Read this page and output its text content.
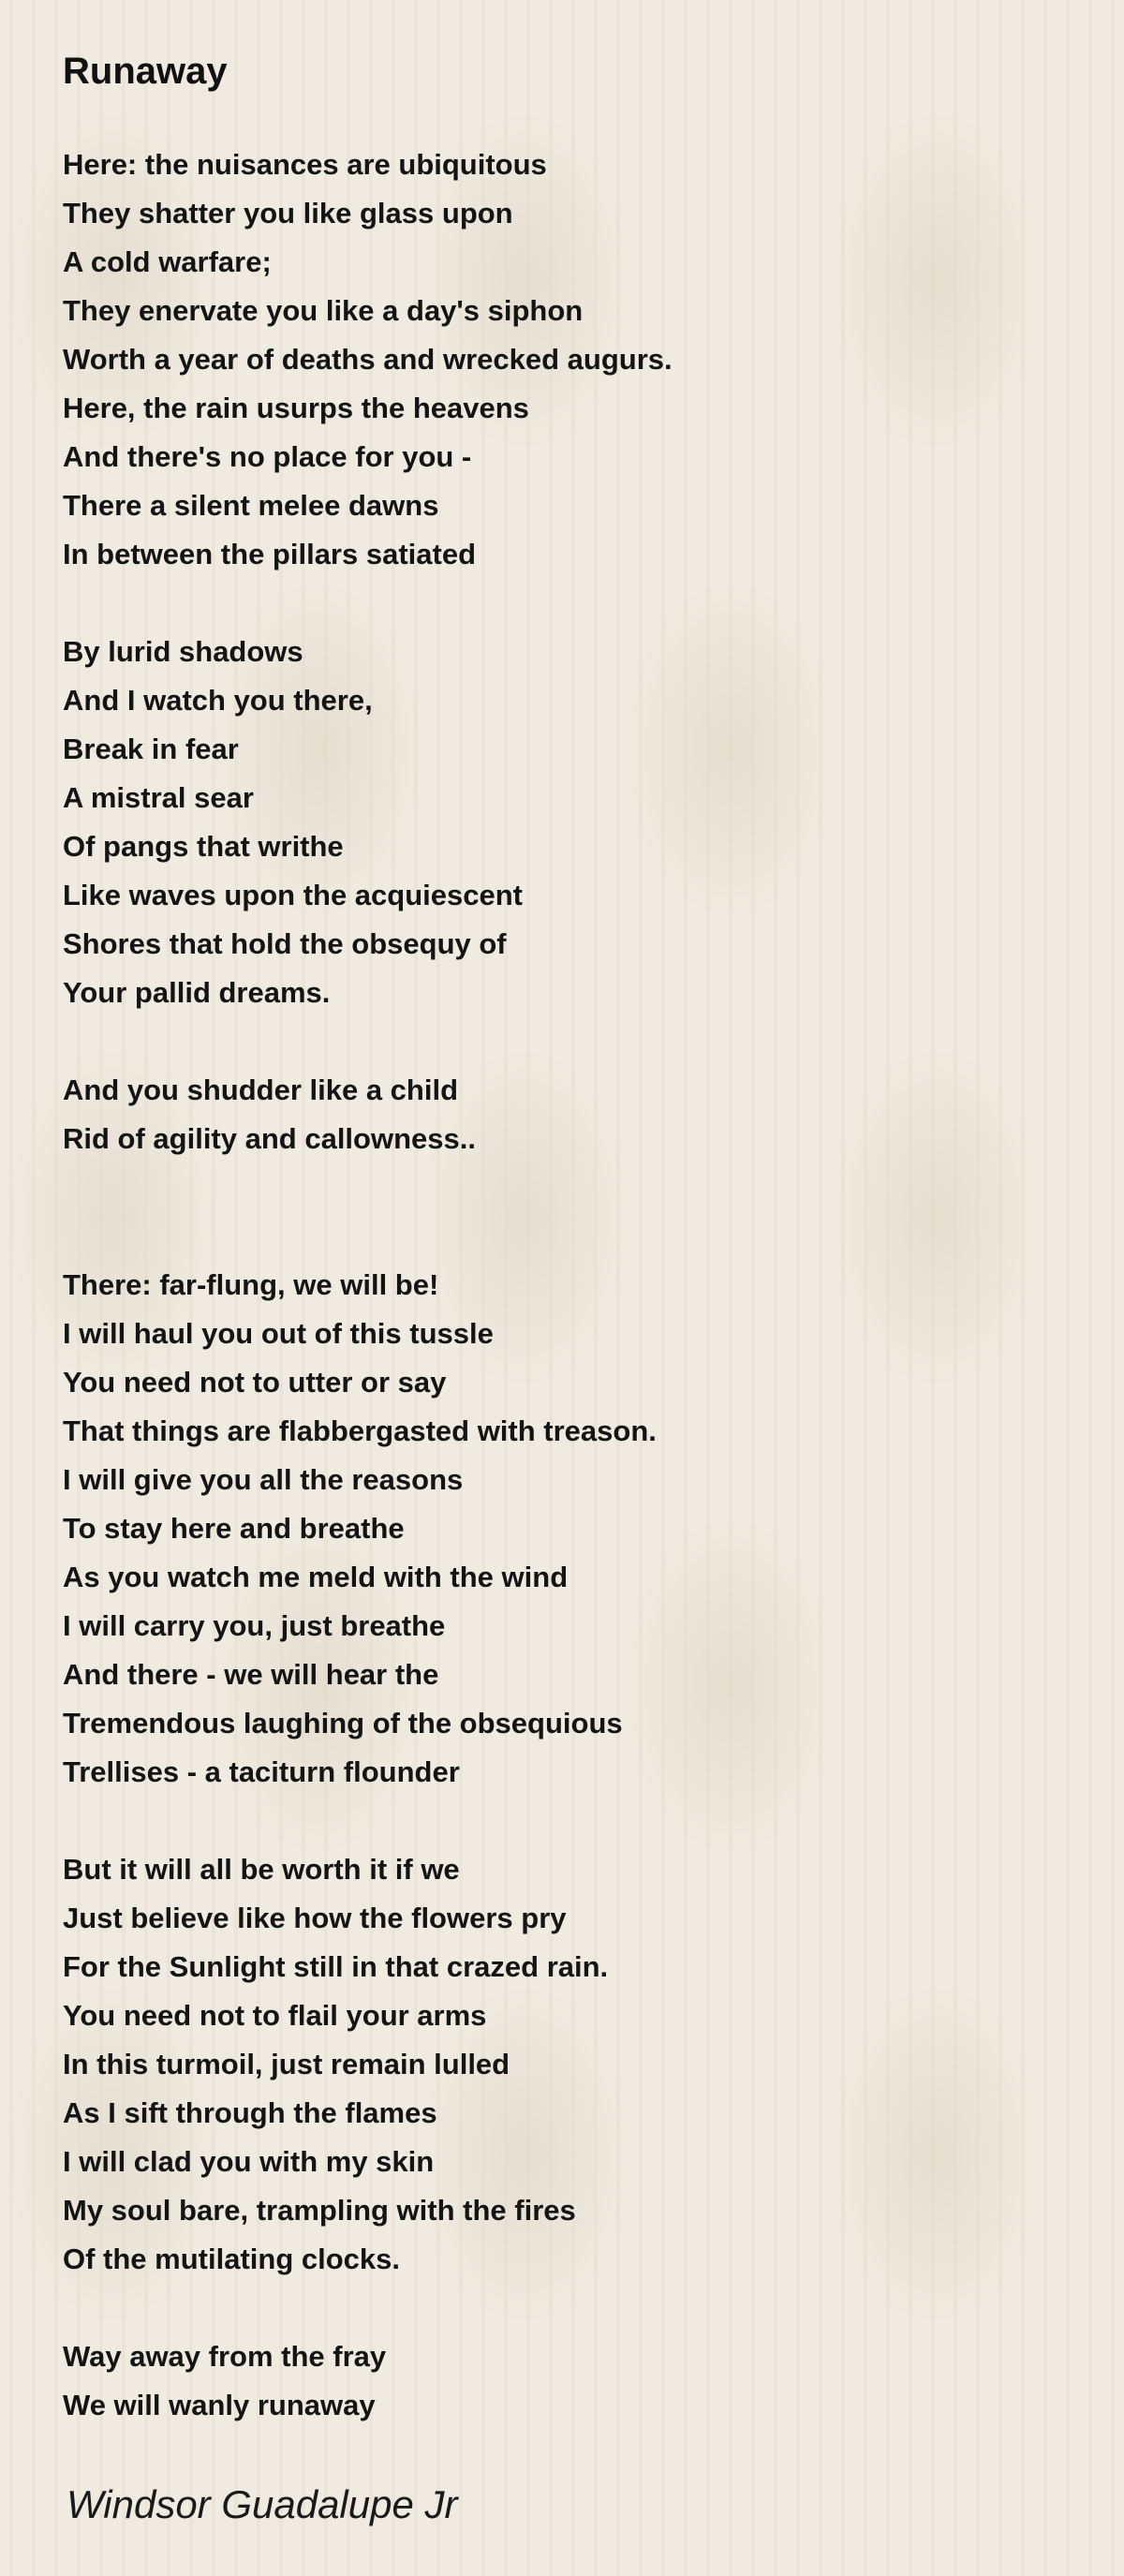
Runaway

Here: the nuisances are ubiquitous
They shatter you like glass upon
A cold warfare;
They enervate you like a day's siphon
Worth a year of deaths and wrecked augurs.
Here, the rain usurps the heavens
And there's no place for you -
There a silent melee dawns
In between the pillars satiated

By lurid shadows
And I watch you there,
Break in fear
A mistral sear
Of pangs that writhe
Like waves upon the acquiescent
Shores that hold the obsequy of
Your pallid dreams.

And you shudder like a child
Rid of agility and callowness..

There: far-flung, we will be!
I will haul you out of this tussle
You need not to utter or say
That things are flabbergasted with treason.
I will give you all the reasons
To stay here and breathe
As you watch me meld with the wind
I will carry you, just breathe
And there - we will hear the
Tremendous laughing of the obsequious
Trellises - a taciturn flounder

But it will all be worth it if we
Just believe like how the flowers pry
For the Sunlight still in that crazed rain.
You need not to flail your arms
In this turmoil, just remain lulled
As I sift through the flames
I will clad you with my skin
My soul bare, trampling with the fires
Of the mutilating clocks.

Way away from the fray
We will wanly runaway

Windsor Guadalupe Jr
